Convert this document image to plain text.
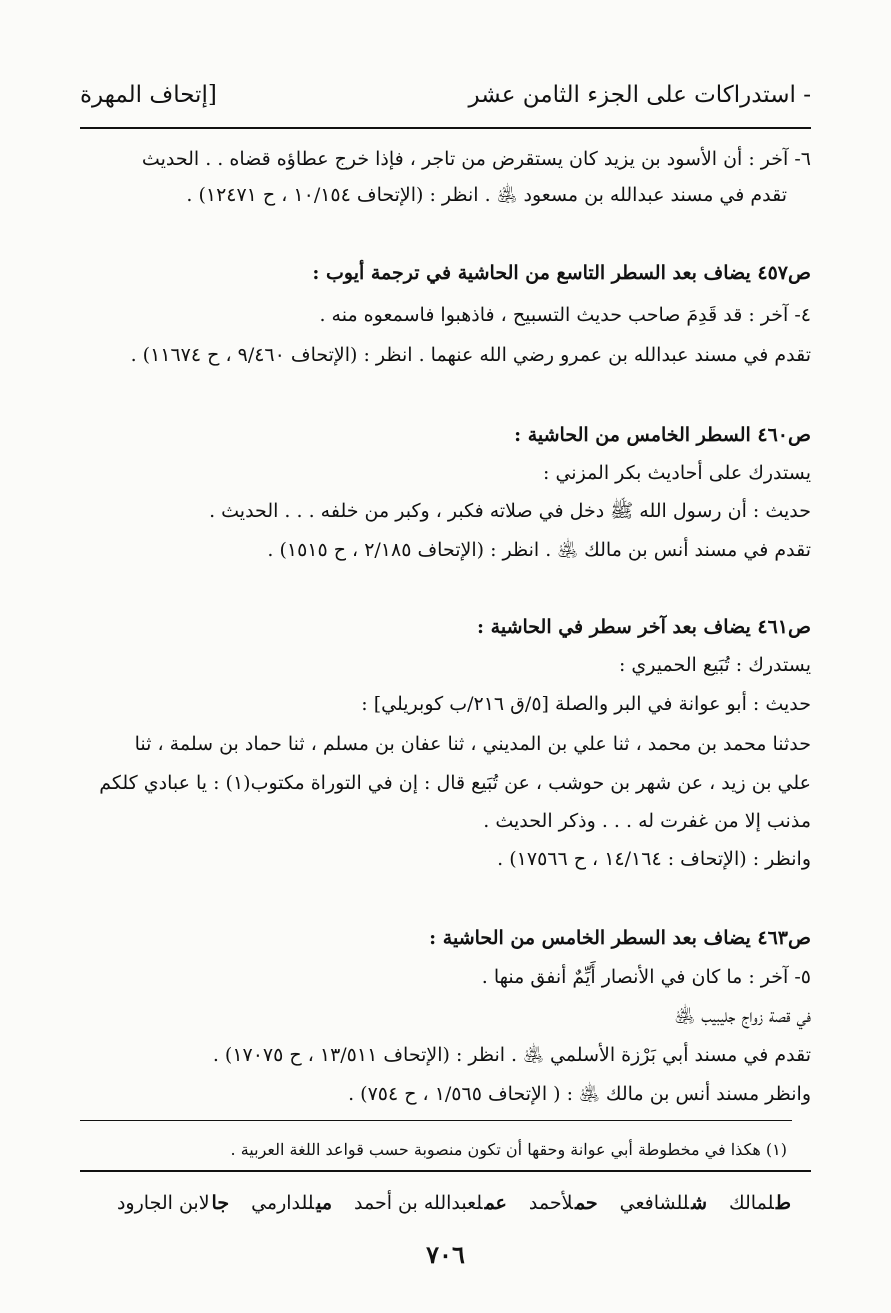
- استدراكات على الجزء الثامن عشر
[إتحاف المهرة
٦- آخر : أن الأسود بن يزيد كان يستقرض من تاجر ، فإذا خرج عطاؤه قضاه . . الحديث
تقدم في مسند عبدالله بن مسعود ﵁ . انظر : (الإتحاف ١٠/١٥٤ ، ح ١٢٤٧١) .
ص٤٥٧ يضاف بعد السطر التاسع من الحاشية في ترجمة أيوب :
٤- آخر : قد قَدِمَ صاحب حديث التسبيح ، فاذهبوا فاسمعوه منه .
تقدم في مسند عبدالله بن عمرو رضي الله عنهما . انظر : (الإتحاف ٩/٤٦٠ ، ح ١١٦٧٤) .
ص٤٦٠ السطر الخامس من الحاشية :
يستدرك على أحاديث بكر المزني :
حديث : أن رسول الله ﷺ دخل في صلاته فكبر ، وكبر من خلفه . . . الحديث .
تقدم في مسند أنس بن مالك ﵁ . انظر : (الإتحاف ٢/١٨٥ ، ح ١٥١٥) .
ص٤٦١ يضاف بعد آخر سطر في الحاشية :
يستدرك : تُبَيع الحميري :
حديث : أبو عوانة في البر والصلة [٥/ق ٢١٦/ب كوبريلي] :
حدثنا محمد بن محمد ، ثنا علي بن المديني ، ثنا عفان بن مسلم ، ثنا حماد بن سلمة ، ثنا
علي بن زيد ، عن شهر بن حوشب ، عن تُبَيع قال : إن في التوراة مكتوب(١) : يا عبادي كلكم
مذنب إلا من غفرت له . . . وذكر الحديث .
وانظر : (الإتحاف : ١٤/١٦٤ ، ح ١٧٥٦٦) .
ص٤٦٣ يضاف بعد السطر الخامس من الحاشية :
٥- آخر : ما كان في الأنصار أَيِّمٌ أنفق منها .
في قصة زواج جليبيب ﵁
تقدم في مسند أبي بَرْزة الأسلمي ﵁ . انظر : (الإتحاف ١٣/٥١١ ، ح ١٧٠٧٥) .
وانظر مسند أنس بن مالك ﵁ : ( الإتحاف ١/٥٦٥ ، ح ٧٥٤) .
(١) هكذا في مخطوطة أبي عوانة وحقها أن تكون منصوبة حسب قواعد اللغة العربية .
طلمالك
شللشافعي
حملأحمد
عملعبدالله بن أحمد
ميللدارمي
جالابن الجارود
٧٠٦
